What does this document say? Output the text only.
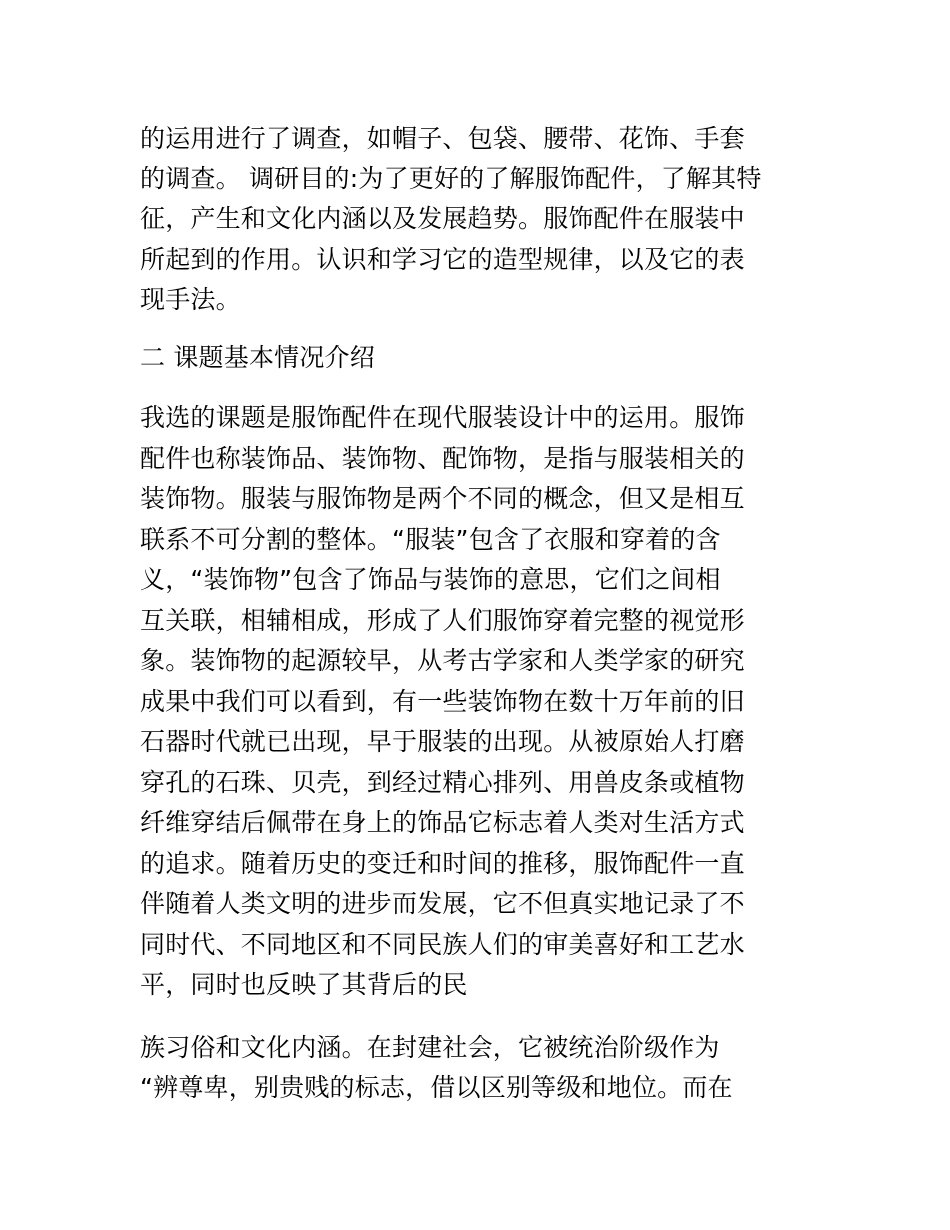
的运用进行了调查，如帽子、包袋、腰带、花饰、手套
的调查。 调研目的:为了更好的了解服饰配件，了解其特
征，产生和文化内涵以及发展趋势。服饰配件在服装中
所起到的作用。认识和学习它的造型规律，以及它的表
现手法。
二 课题基本情况介绍
我选的课题是服饰配件在现代服装设计中的运用。服饰
配件也称装饰品、装饰物、配饰物，是指与服装相关的
装饰物。服装与服饰物是两个不同的概念，但又是相互
联系不可分割的整体。“服装”包含了衣服和穿着的含
义，“装饰物”包含了饰品与装饰的意思，它们之间相
互关联，相辅相成，形成了人们服饰穿着完整的视觉形
象。装饰物的起源较早，从考古学家和人类学家的研究
成果中我们可以看到，有一些装饰物在数十万年前的旧
石器时代就已出现，早于服装的出现。从被原始人打磨
穿孔的石珠、贝壳，到经过精心排列、用兽皮条或植物
纤维穿结后佩带在身上的饰品它标志着人类对生活方式
的追求。随着历史的变迁和时间的推移，服饰配件一直
伴随着人类文明的进步而发展，它不但真实地记录了不
同时代、不同地区和不同民族人们的审美喜好和工艺水
平，同时也反映了其背后的民
族习俗和文化内涵。在封建社会，它被统治阶级作为
“辨尊卑，别贵贱的标志，借以区别等级和地位。而在
